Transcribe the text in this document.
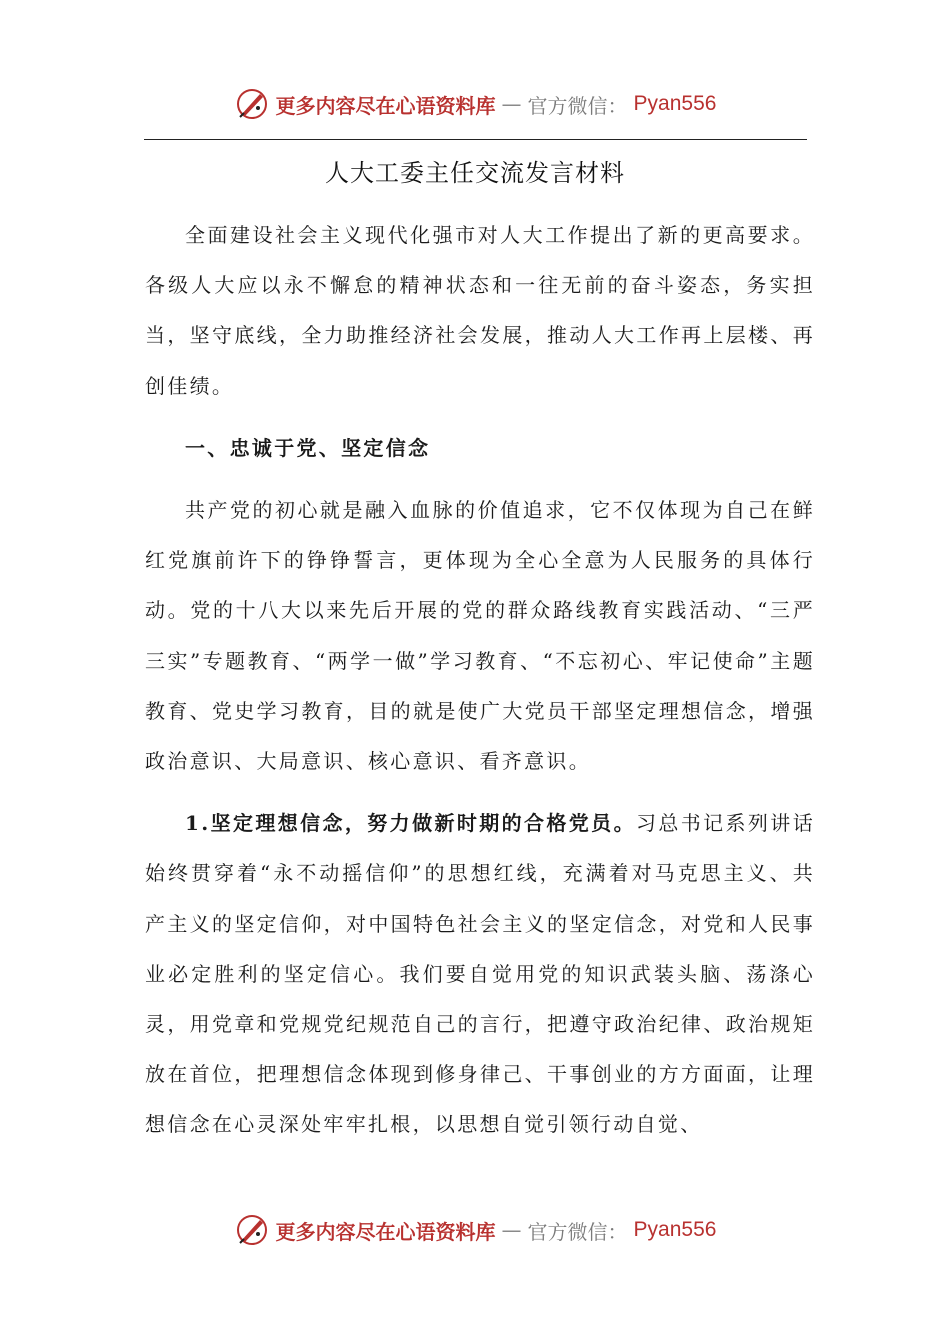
更多内容尽在心语资料库 — 官方微信： Pyan556
人大工委主任交流发言材料

全面建设社会主义现代化强市对人大工作提出了新的更高要求。各级人大应以永不懈怠的精神状态和一往无前的奋斗姿态，务实担当，坚守底线，全力助推经济社会发展，推动人大工作再上层楼、再创佳绩。

一、忠诚于党、坚定信念

共产党的初心就是融入血脉的价值追求，它不仅体现为自己在鲜红党旗前许下的铮铮誓言，更体现为全心全意为人民服务的具体行动。党的十八大以来先后开展的党的群众路线教育实践活动、“三严三实”专题教育、“两学一做”学习教育、“不忘初心、牢记使命”主题教育、党史学习教育，目的就是使广大党员干部坚定理想信念，增强政治意识、大局意识、核心意识、看齐意识。

1.坚定理想信念，努力做新时期的合格党员。习总书记系列讲话始终贯穿着“永不动摇信仰”的思想红线，充满着对马克思主义、共产主义的坚定信仰，对中国特色社会主义的坚定信念，对党和人民事业必定胜利的坚定信心。我们要自觉用党的知识武装头脑、荡涤心灵，用党章和党规党纪规范自己的言行，把遵守政治纪律、政治规矩放在首位，把理想信念体现到修身律己、干事创业的方方面面，让理想信念在心灵深处牢牢扎根，以思想自觉引领行动自觉、

更多内容尽在心语资料库 — 官方微信： Pyan556
